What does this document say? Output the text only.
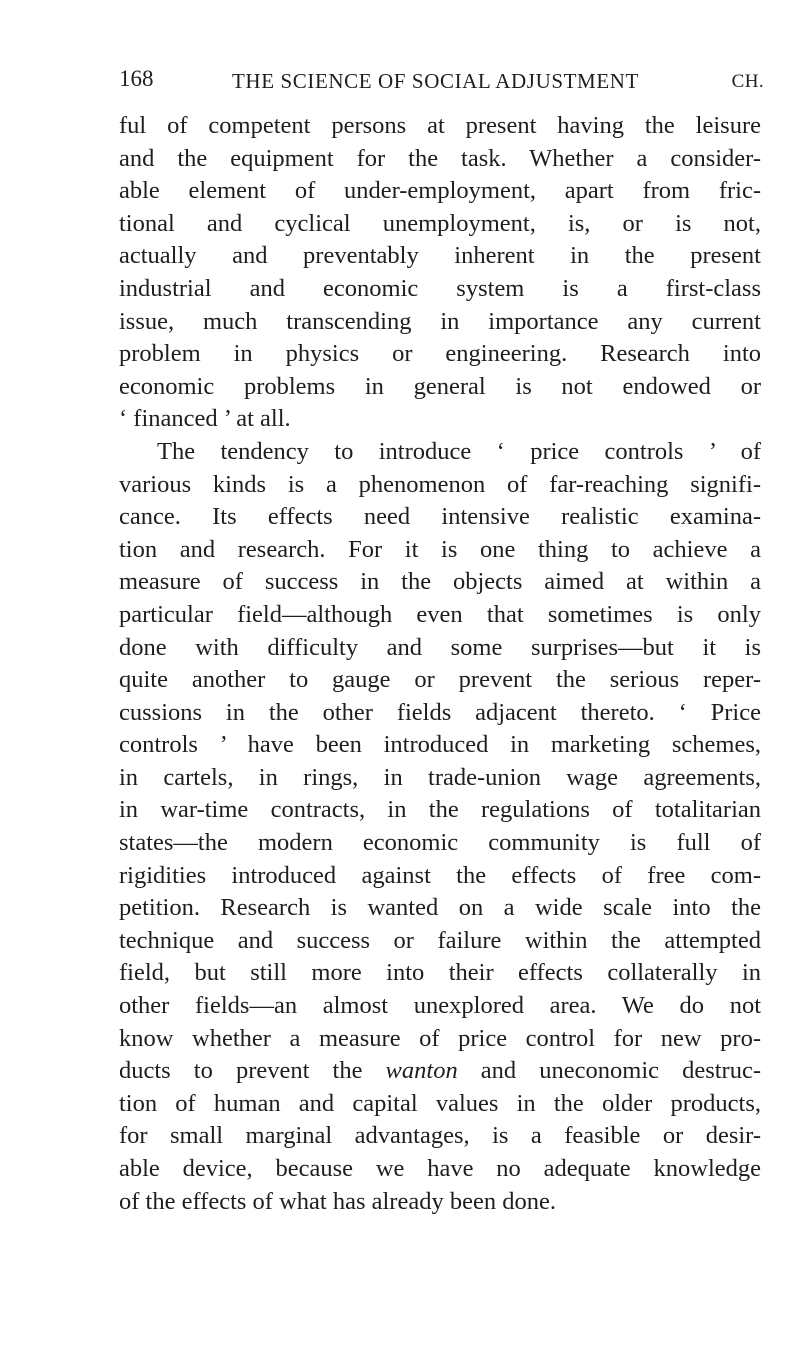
168	THE SCIENCE OF SOCIAL ADJUSTMENT	CH.
ful of competent persons at present having the leisure
and the equipment for the task. Whether a consider-
able element of under-employment, apart from fric-
tional and cyclical unemployment, is, or is not,
actually and preventably inherent in the present
industrial and economic system is a first-class
issue, much transcending in importance any current
problem in physics or engineering. Research into
economic problems in general is not endowed or
‘ financed ’ at all.
The tendency to introduce ‘ price controls ’ of
various kinds is a phenomenon of far-reaching signifi-
cance. Its effects need intensive realistic examina-
tion and research. For it is one thing to achieve a
measure of success in the objects aimed at within a
particular field—although even that sometimes is only
done with difficulty and some surprises—but it is
quite another to gauge or prevent the serious reper-
cussions in the other fields adjacent thereto. ‘ Price
controls ’ have been introduced in marketing schemes,
in cartels, in rings, in trade-union wage agreements,
in war-time contracts, in the regulations of totalitarian
states—the modern economic community is full of
rigidities introduced against the effects of free com-
petition. Research is wanted on a wide scale into the
technique and success or failure within the attempted
field, but still more into their effects collaterally in
other fields—an almost unexplored area. We do not
know whether a measure of price control for new pro-
ducts to prevent the wanton and uneconomic destruc-
tion of human and capital values in the older products,
for small marginal advantages, is a feasible or desir-
able device, because we have no adequate knowledge
of the effects of what has already been done.
